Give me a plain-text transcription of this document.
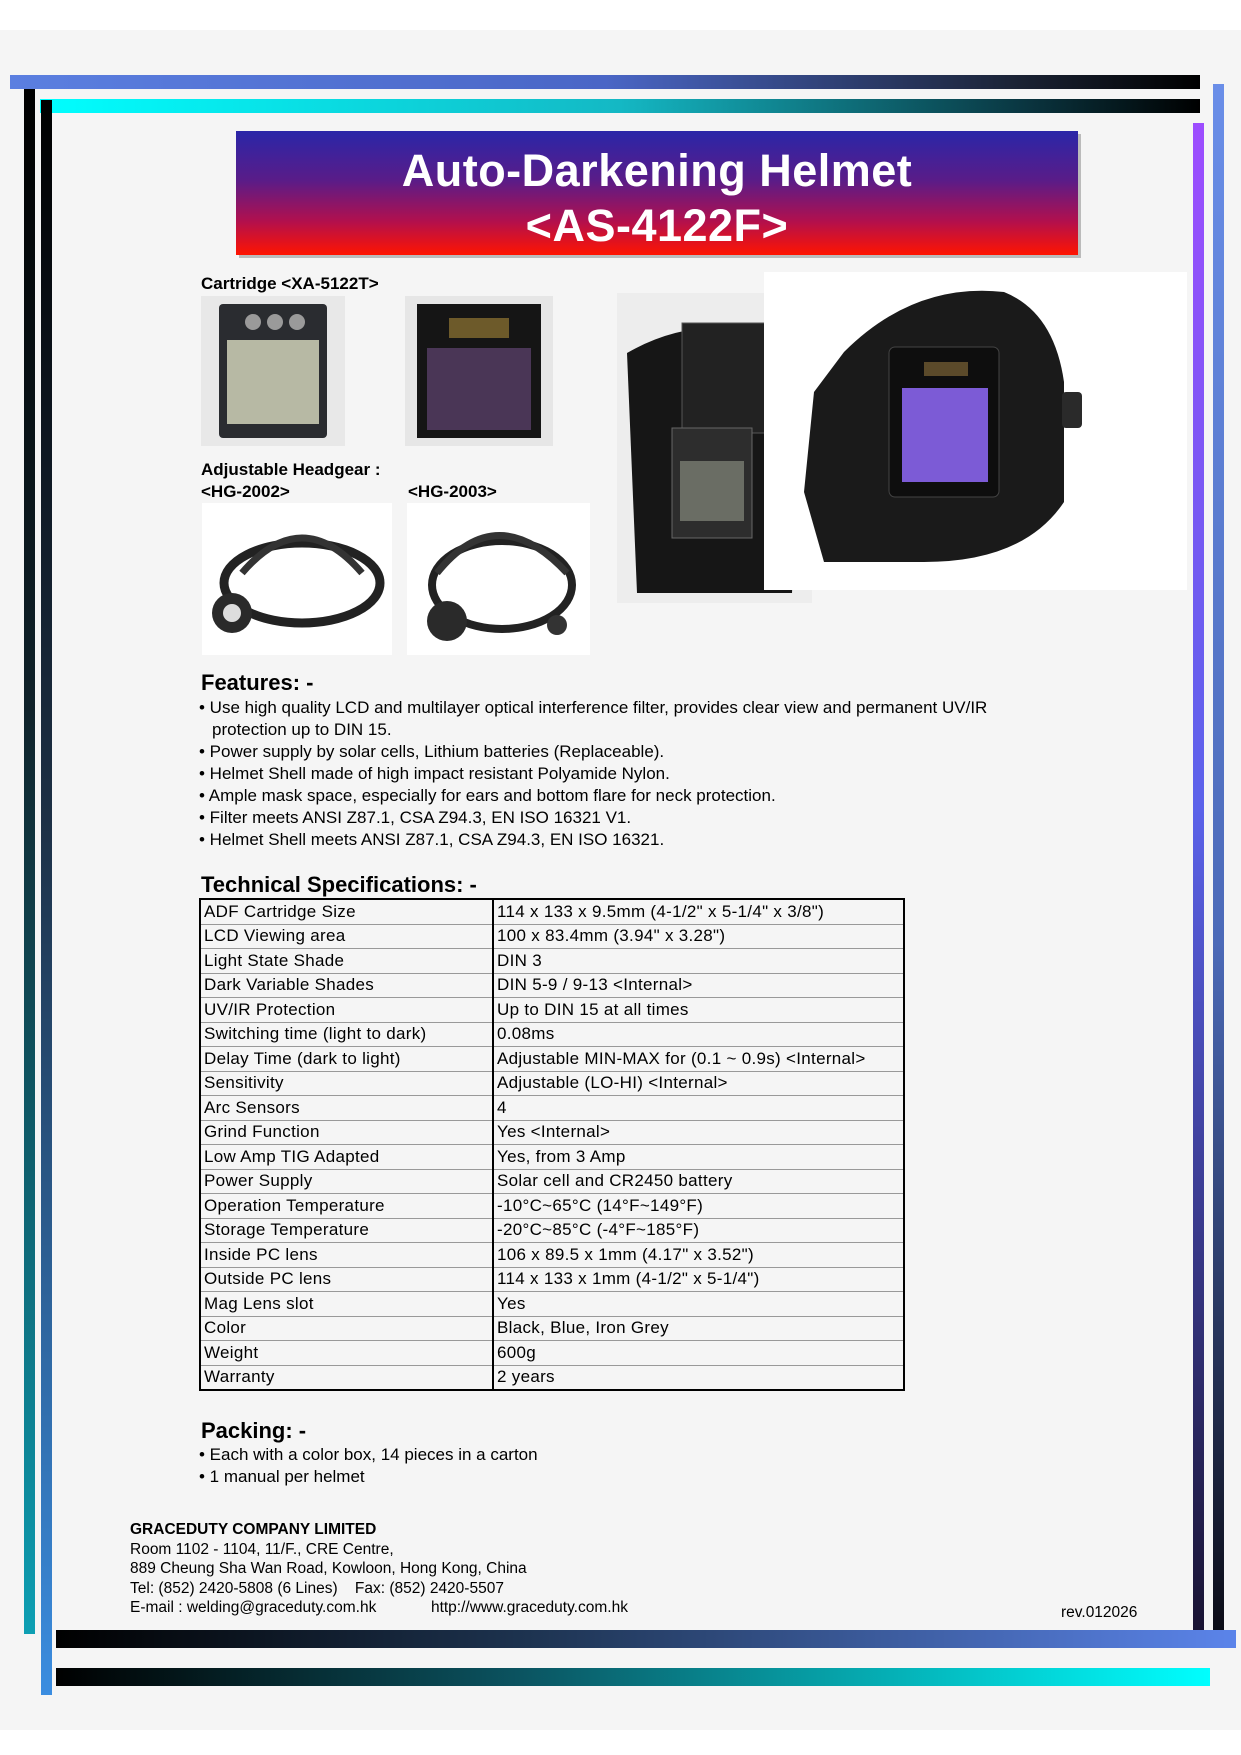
Auto-Darkening Helmet
<AS-4122F>
Cartridge <XA-5122T>
Adjustable Headgear :
<HG-2002>	<HG-2003>
Features: -
• Use high quality LCD and multilayer optical interference filter, provides clear view and permanent UV/IR protection up to DIN 15.
• Power supply by solar cells, Lithium batteries (Replaceable).
• Helmet Shell made of high impact resistant Polyamide Nylon.
• Ample mask space, especially for ears and bottom flare for neck protection.
• Filter meets ANSI Z87.1, CSA Z94.3, EN ISO 16321 V1.
• Helmet Shell meets ANSI Z87.1, CSA Z94.3, EN ISO 16321.
Technical Specifications: -
ADF Cartridge Size	114 x 133 x 9.5mm (4-1/2" x 5-1/4" x 3/8")
LCD Viewing area	100 x 83.4mm (3.94" x 3.28")
Light State Shade	DIN 3
Dark Variable Shades	DIN 5-9 / 9-13 <Internal>
UV/IR Protection	Up to DIN 15 at all times
Switching time (light to dark)	0.08ms
Delay Time (dark to light)	Adjustable MIN-MAX for (0.1 ~ 0.9s) <Internal>
Sensitivity	Adjustable (LO-HI) <Internal>
Arc Sensors	4
Grind Function	Yes <Internal>
Low Amp TIG Adapted	Yes, from 3 Amp
Power Supply	Solar cell and CR2450 battery
Operation Temperature	-10°C~65°C (14°F~149°F)
Storage Temperature	-20°C~85°C (-4°F~185°F)
Inside PC lens	106 x 89.5 x 1mm (4.17" x 3.52")
Outside PC lens	114 x 133 x 1mm (4-1/2" x 5-1/4")
Mag Lens slot	Yes
Color	Black, Blue, Iron Grey
Weight	600g
Warranty	2 years
Packing: -
• Each with a color box, 14 pieces in a carton
• 1 manual per helmet
GRACEDUTY COMPANY LIMITED
Room 1102 - 1104, 11/F., CRE Centre,
889 Cheung Sha Wan Road, Kowloon, Hong Kong, China
Tel: (852) 2420-5808 (6 Lines)    Fax: (852) 2420-5507
E-mail : welding@graceduty.com.hk	http://www.graceduty.com.hk	rev.012026
